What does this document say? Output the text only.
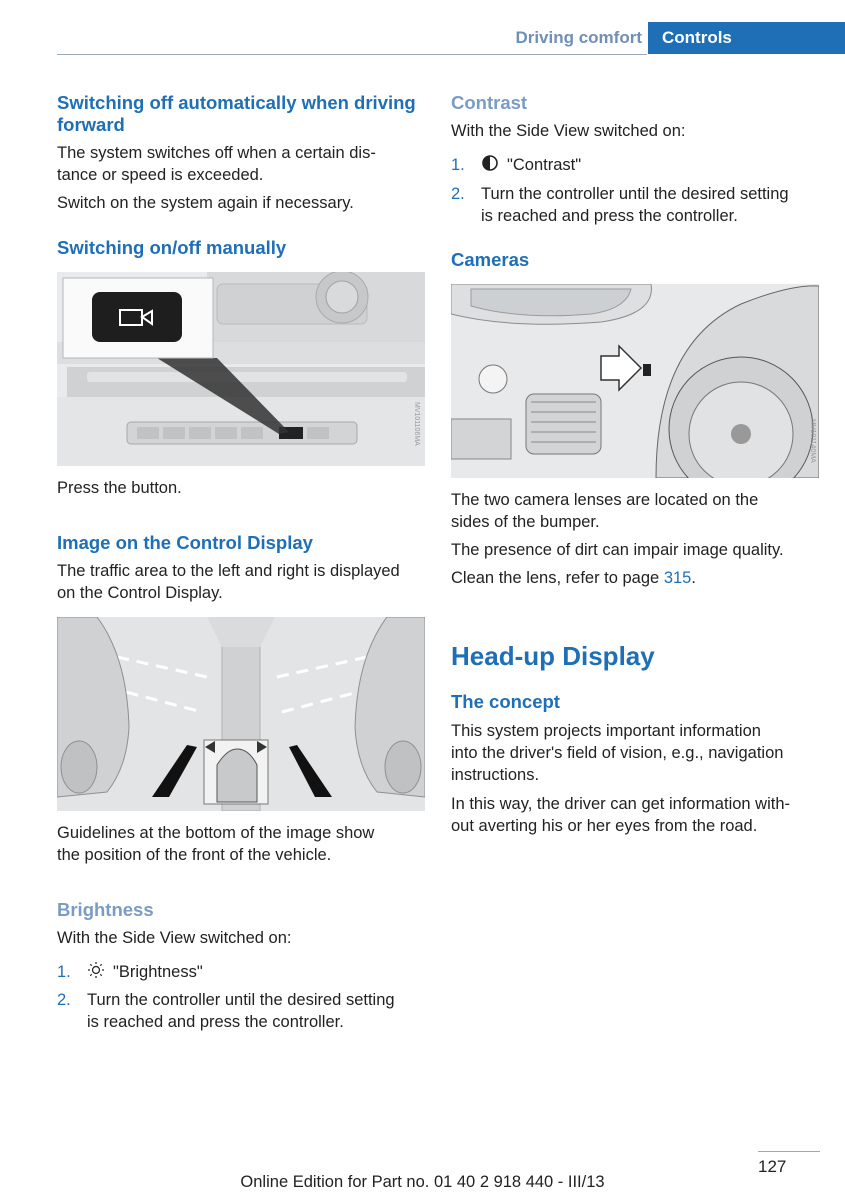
Driving comfort	Controls
Switching off automatically when driving forward

The system switches off when a certain dis‐
tance or speed is exceeded.

Switch on the system again if necessary.

Switching on/off manually
MV101106MA

Press the button.

Image on the Control Display

The traffic area to the left and right is displayed
on the Control Display.

Guidelines at the bottom of the image show
the position of the front of the vehicle.

Brightness

With the Side View switched on:

1.	"Brightness"
2. Turn the controller until the desired setting
is reached and press the controller.
Contrast

With the Side View switched on:

1.	"Contrast"
2. Turn the controller until the desired setting
is reached and press the controller.
Cameras
MV101140MA

The two camera lenses are located on the
sides of the bumper.

The presence of dirt can impair image quality.

Clean the lens, refer to page 315.

Head-up Display
The concept

This system projects important information
into the driver's field of vision, e.g., navigation
instructions.

In this way, the driver can get information with‐
out averting his or her eyes from the road.

127
Online Edition for Part no. 01 40 2 918 440 - III/13
